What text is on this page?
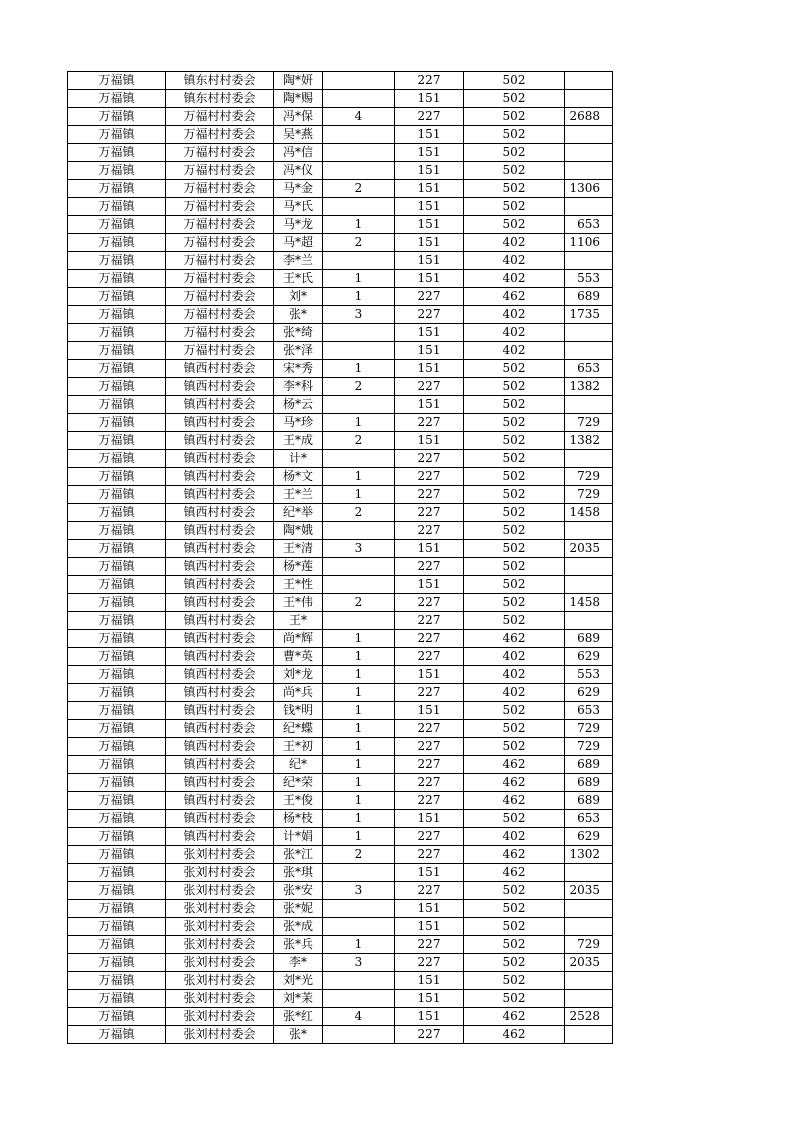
万福镇	镇东村村委会	陶*妍		227	502	
万福镇	镇东村村委会	陶*赐		151	502	
万福镇	万福村村委会	冯*保	4	227	502	2688
万福镇	万福村村委会	吴*燕		151	502	
万福镇	万福村村委会	冯*信		151	502	
万福镇	万福村村委会	冯*仪		151	502	
万福镇	万福村村委会	马*金	2	151	502	1306
万福镇	万福村村委会	马*氏		151	502	
万福镇	万福村村委会	马*龙	1	151	502	653
万福镇	万福村村委会	马*超	2	151	402	1106
万福镇	万福村村委会	李*兰		151	402	
万福镇	万福村村委会	王*氏	1	151	402	553
万福镇	万福村村委会	刘*	1	227	462	689
万福镇	万福村村委会	张*	3	227	402	1735
万福镇	万福村村委会	张*绮		151	402	
万福镇	万福村村委会	张*泽		151	402	
万福镇	镇西村村委会	宋*秀	1	151	502	653
万福镇	镇西村村委会	李*科	2	227	502	1382
万福镇	镇西村村委会	杨*云		151	502	
万福镇	镇西村村委会	马*珍	1	227	502	729
万福镇	镇西村村委会	王*成	2	151	502	1382
万福镇	镇西村村委会	计*		227	502	
万福镇	镇西村村委会	杨*文	1	227	502	729
万福镇	镇西村村委会	王*兰	1	227	502	729
万福镇	镇西村村委会	纪*举	2	227	502	1458
万福镇	镇西村村委会	陶*娥		227	502	
万福镇	镇西村村委会	王*清	3	151	502	2035
万福镇	镇西村村委会	杨*莲		227	502	
万福镇	镇西村村委会	王*性		151	502	
万福镇	镇西村村委会	王*伟	2	227	502	1458
万福镇	镇西村村委会	王*		227	502	
万福镇	镇西村村委会	尚*辉	1	227	462	689
万福镇	镇西村村委会	曹*英	1	227	402	629
万福镇	镇西村村委会	刘*龙	1	151	402	553
万福镇	镇西村村委会	尚*兵	1	227	402	629
万福镇	镇西村村委会	钱*明	1	151	502	653
万福镇	镇西村村委会	纪*蝶	1	227	502	729
万福镇	镇西村村委会	王*初	1	227	502	729
万福镇	镇西村村委会	纪*	1	227	462	689
万福镇	镇西村村委会	纪*荣	1	227	462	689
万福镇	镇西村村委会	王*俊	1	227	462	689
万福镇	镇西村村委会	杨*枝	1	151	502	653
万福镇	镇西村村委会	计*娟	1	227	402	629
万福镇	张刘村村委会	张*江	2	227	462	1302
万福镇	张刘村村委会	张*琪		151	462	
万福镇	张刘村村委会	张*安	3	227	502	2035
万福镇	张刘村村委会	张*妮		151	502	
万福镇	张刘村村委会	张*成		151	502	
万福镇	张刘村村委会	张*兵	1	227	502	729
万福镇	张刘村村委会	李*	3	227	502	2035
万福镇	张刘村村委会	刘*光		151	502	
万福镇	张刘村村委会	刘*茉		151	502	
万福镇	张刘村村委会	张*红	4	151	462	2528
万福镇	张刘村村委会	张*		227	462	
